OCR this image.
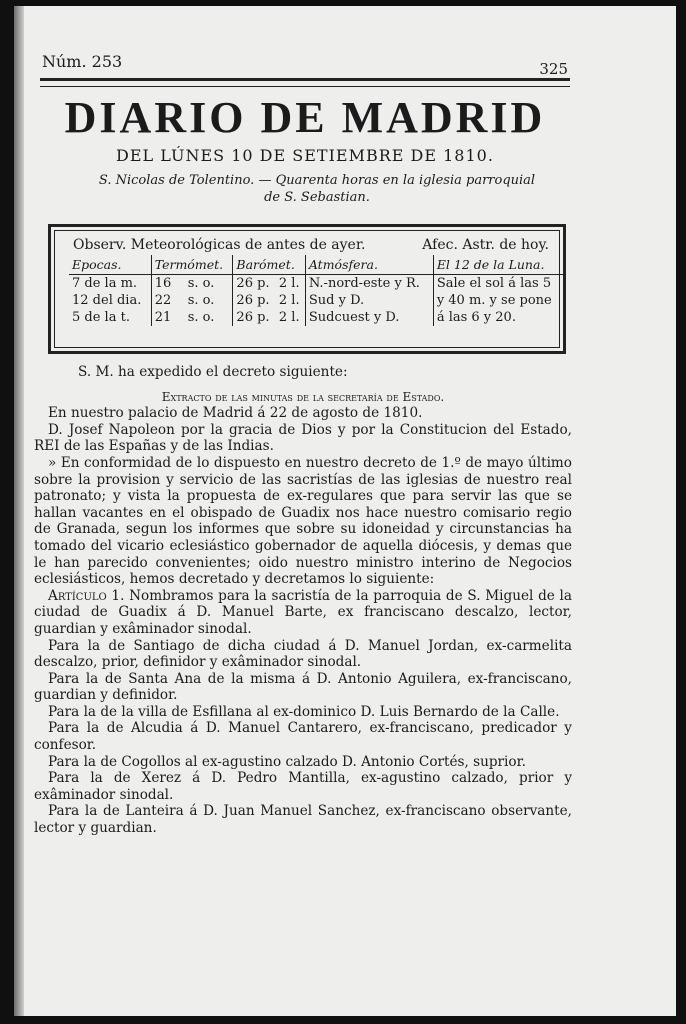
Núm. 253	325
DIARIO DE MADRID
DEL LÚNES 10 DE SETIEMBRE DE 1810.
S. Nicolas de Tolentino. — Quarenta horas en la iglesia parroquial
de S. Sebastian.
Observ. Meteorológicas de antes de ayer.	Afec. Astr. de hoy.
Epocas.	Termómet.		Barómet.		Atmósfera.	El 12 de la Luna.
7 de la m.	16	s. o.	26 p.	2 l.	N.-nord-este y R.	Sale el sol á las 5
12 del dia.	22	s. o.	26 p.	2 l.	Sud y D.	y 40 m. y se pone
5 de la t.	21	s. o.	26 p.	2 l.	Sudcuest y D.	á las 6 y 20.

S. M. ha expedido el decreto siguiente:

Extracto de las minutas de la secretaría de Estado.

En nuestro palacio de Madrid á 22 de agosto de 1810.

D. Josef Napoleon por la gracia de Dios y por la Constitucion del Estado, REI de las Españas y de las Indias.

» En conformidad de lo dispuesto en nuestro decreto de 1.º de mayo último sobre la provision y servicio de las sacristías de las iglesias de nuestro real patronato; y vista la propuesta de ex-regulares que para servir las que se hallan vacantes en el obispado de Guadix nos hace nuestro comisario regio de Granada, segun los informes que sobre su idoneidad y circunstancias ha tomado del vicario eclesiástico gobernador de aquella diócesis, y demas que le han parecido convenientes; oido nuestro ministro interino de Negocios eclesiásticos, hemos decretado y decretamos lo siguiente:

Artículo 1. Nombramos para la sacristía de la parroquia de S. Miguel de la ciudad de Guadix á D. Manuel Barte, ex franciscano descalzo, lector, guardian y exâminador sinodal.

Para la de Santiago de dicha ciudad á D. Manuel Jordan, ex-carmelita descalzo, prior, definidor y exâminador sinodal.

Para la de Santa Ana de la misma á D. Antonio Aguilera, ex-franciscano, guardian y definidor.

Para la de la villa de Esfillana al ex-dominico D. Luis Bernardo de la Calle.

Para la de Alcudia á D. Manuel Cantarero, ex-franciscano, predicador y confesor.

Para la de Cogollos al ex-agustino calzado D. Antonio Cortés, suprior.

Para la de Xerez á D. Pedro Mantilla, ex-agustino calzado, prior y exâminador sinodal.

Para la de Lanteira á D. Juan Manuel Sanchez, ex-franciscano observante, lector y guardian.
